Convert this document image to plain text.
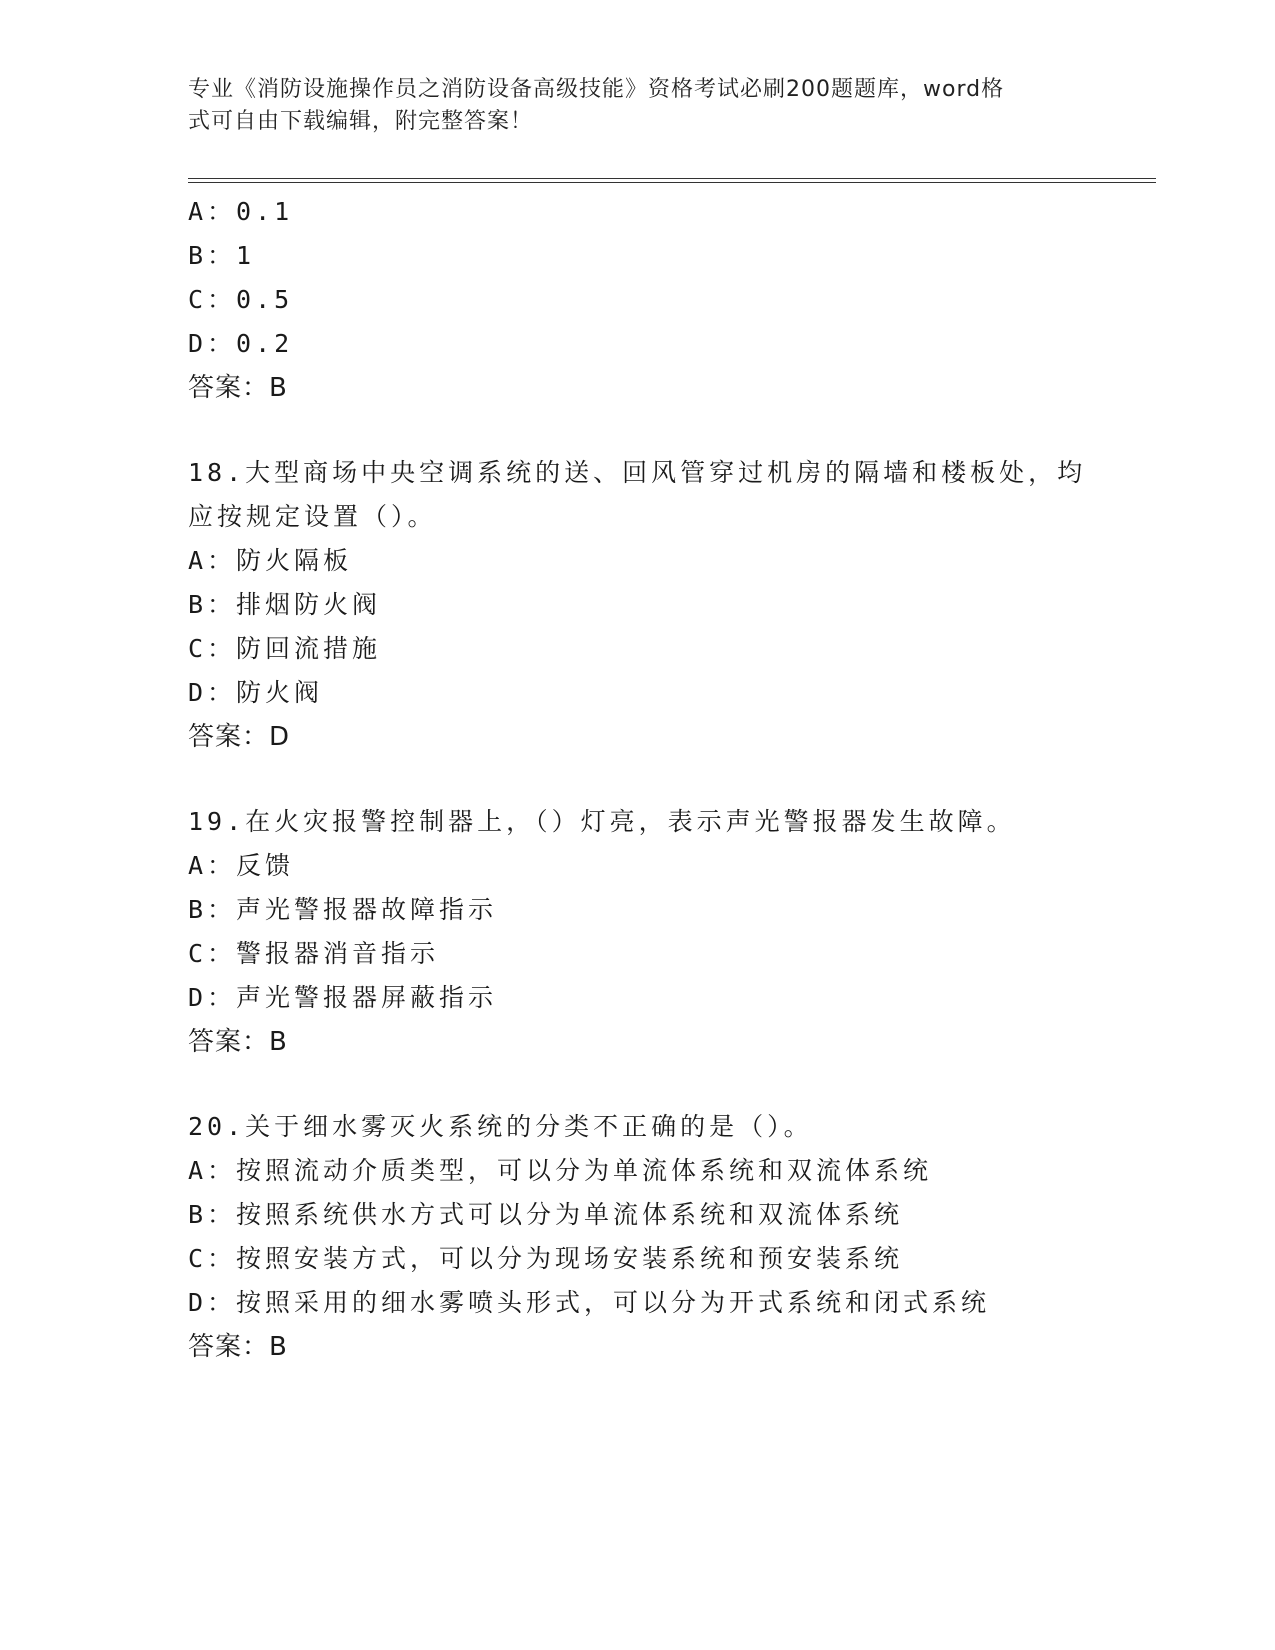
专业《消防设施操作员之消防设备高级技能》资格考试必刷200题题库，word格
式可自由下载编辑，附完整答案！
A：0.1
B：1
C：0.5
D：0.2
答案：B
18.大型商场中央空调系统的送、回风管穿过机房的隔墙和楼板处，均
应按规定设置（）。
A：防火隔板
B：排烟防火阀
C：防回流措施
D：防火阀
答案：D
19.在火灾报警控制器上，（）灯亮，表示声光警报器发生故障。
A：反馈
B：声光警报器故障指示
C：警报器消音指示
D：声光警报器屏蔽指示
答案：B
20.关于细水雾灭火系统的分类不正确的是（）。
A：按照流动介质类型，可以分为单流体系统和双流体系统
B：按照系统供水方式可以分为单流体系统和双流体系统
C：按照安装方式，可以分为现场安装系统和预安装系统
D：按照采用的细水雾喷头形式，可以分为开式系统和闭式系统
答案：B
